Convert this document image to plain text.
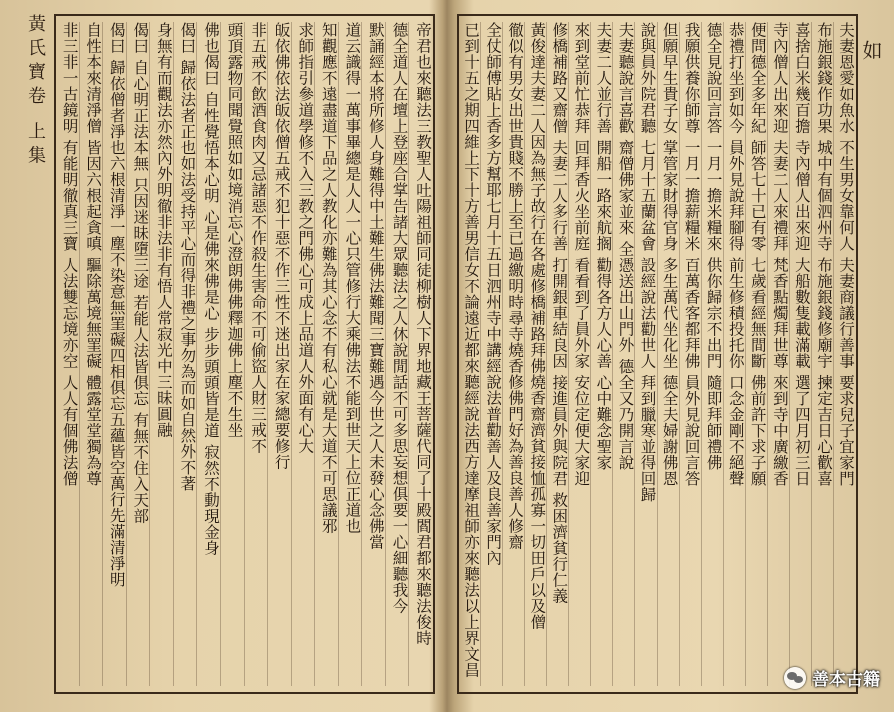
黃氏寶卷 上集	帝君也來聽法三教聖人吐陽祖師同徒柳樹人下界地藏王菩薩代同了十殿閻君都來聽法俊時
德全道人在壇上登座合掌告諸大眾聽法之人休說閒話不可多思妄想俱要一心細聽我今
默誦經本將所修人身難得中土難生佛法難聞三寶難遇今世之人未發心念佛當
道云識得一萬事畢總是人人一心只管修行大乘佛法不能到世天上位正道也
知觀應不遠盡道下品之人教化亦難為其心念不有私心就是大道不可思議邪
求師指引參道學修不入三教之門佛心可成上品道人外面有心大
皈依佛依法皈依僧五戒不犯十惡不作三性不迷出家在家總要修行
非五戒不飲酒食肉又忌諸惡不作殺生害命不可偷盜人財三戒不
頭頂露物同聞覺照如如境消忘心澄朗佛佛釋迦佛上塵不生坐
佛也偈曰 自性覺悟本心明 心是佛來佛是心 步步頭頭皆是道 寂然不動現金身
偈曰 歸依法者正也如法受持平心而得非禮之事勿為而如自然外不著
身無有而觀法亦然內外明徹非法非有悟人常寂光中三昧圓融
偈曰 自心明正法本無 只因迷昧墮三途 若能人法皆俱忘 有無不住入天部
偈曰 歸依僧者淨也六根清淨一塵不染意無罣礙四相俱忘五蘊皆空萬行先滿清淨明
自性本來清淨僧 皆因六根起貪嗔 驅除萬境無罣礙 體露堂堂獨為尊
非三非一古鏡明 有能明徹真三寶 人法雙忘境亦空 人人有個佛法僧	夫妻恩愛如魚水 不生男女靠何人 夫妻商議行善事 要求兒子宜家門
布施銀錢作功果 城中有個泗州寺 布施銀錢修廟宇 揀定吉日心歡喜
喜捨白米幾百擔 寺內僧人出來迎 大船數隻載滿載 選了四月初三日
寺內僧人出來迎 夫妻二人來禮拜 梵香點燭拜世尊 來到寺中廣繳香
便問德全多年紀 師答七十已有零 七歲看經無間斷 佛前許下求子願
恭禮打坐到如今 員外見說拜腳得 前生修積投托你 口念金剛不絕聲
德全見說回言答 一月一擔米糧來 供你歸宗不出門 隨即拜師禮佛
我願供養你師尊 一月一擔薪糧米 百萬香客都拜佛 員外見說回言答
但願早生貴子女 掌管家財得官身 多生萬代坐化坐 德全夫婦謝佛恩
說與員外院君聽 七月十五蘭盆會 設經說法勸世人 拜到臘寒並得回歸
夫妻聽說言喜歡 齋僧佛家並來 全憑送出山門外 德全又乃開言說
夫妻二人並行善 開船一路來航搁 勸得各方人心善 心中難念聖家
來到堂前忙恭拜 回拜香火坐前庭 看看到了員外家 安位定便大家迎
修橋補路又齋僧 夫妻二人多行善 打開銀車結良因 接進員外與院君 救困濟貧行仁義
黃俊達夫妻二人因為無子故行在各處修橋補路拜佛燒香齋濟貧接恤孤寡一切田戶以及僧
徹似有男女出世貴賤不勝上至已過繳明時尋寺燒香修佛門好為善良善人修齋
全仗師傅貼上香多方幫耶七月十五日泗州寺中講經說法普勸善人及良善家門內
已到十五之期四維上下十方善男信女不論遠近都來聽經說法西方達摩祖師亦來聽法以上界文昌	如
善本古籍
